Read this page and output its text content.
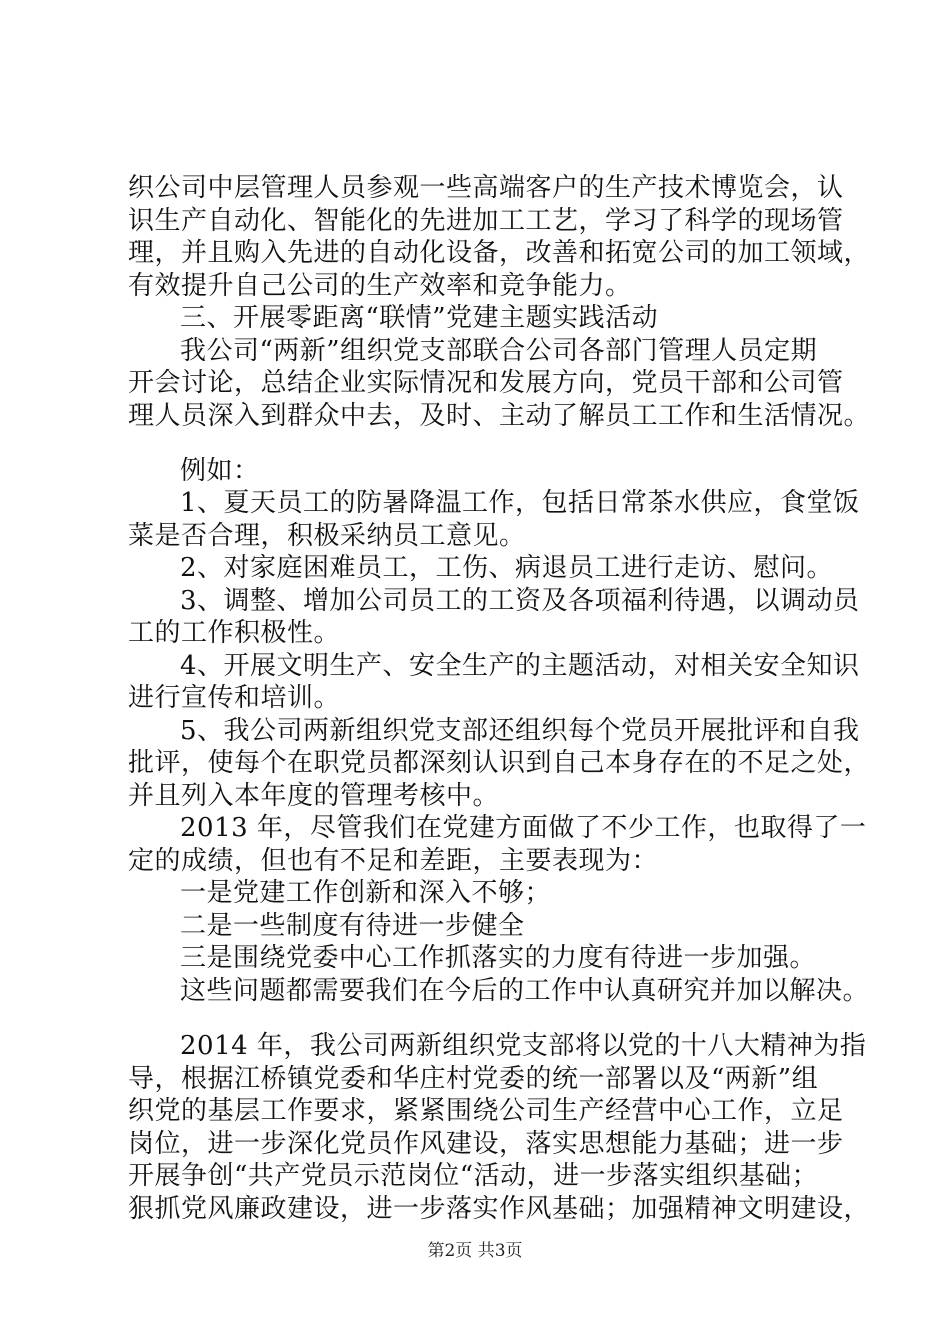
织公司中层管理人员参观一些高端客户的生产技术博览会，认
识生产自动化、智能化的先进加工工艺，学习了科学的现场管
理，并且购入先进的自动化设备，改善和拓宽公司的加工领域，
有效提升自己公司的生产效率和竞争能力。
三、开展零距离“联情”党建主题实践活动
我公司“两新”组织党支部联合公司各部门管理人员定期
开会讨论，总结企业实际情况和发展方向，党员干部和公司管
理人员深入到群众中去，及时、主动了解员工工作和生活情况。
例如：
1、夏天员工的防暑降温工作，包括日常茶水供应，食堂饭
菜是否合理，积极采纳员工意见。
2、对家庭困难员工，工伤、病退员工进行走访、慰问。
3、调整、增加公司员工的工资及各项福利待遇，以调动员
工的工作积极性。
4、开展文明生产、安全生产的主题活动，对相关安全知识
进行宣传和培训。
5、我公司两新组织党支部还组织每个党员开展批评和自我
批评，使每个在职党员都深刻认识到自己本身存在的不足之处，
并且列入本年度的管理考核中。
2013 年，尽管我们在党建方面做了不少工作，也取得了一
定的成绩，但也有不足和差距，主要表现为：
一是党建工作创新和深入不够；
二是一些制度有待进一步健全
三是围绕党委中心工作抓落实的力度有待进一步加强。
这些问题都需要我们在今后的工作中认真研究并加以解决。
2014 年，我公司两新组织党支部将以党的十八大精神为指
导，根据江桥镇党委和华庄村党委的统一部署以及“两新”组
织党的基层工作要求，紧紧围绕公司生产经营中心工作，立足
岗位，进一步深化党员作风建设，落实思想能力基础；进一步
开展争创“共产党员示范岗位“活动，进一步落实组织基础；
狠抓党风廉政建设，进一步落实作风基础；加强精神文明建设，
第2页 共3页
